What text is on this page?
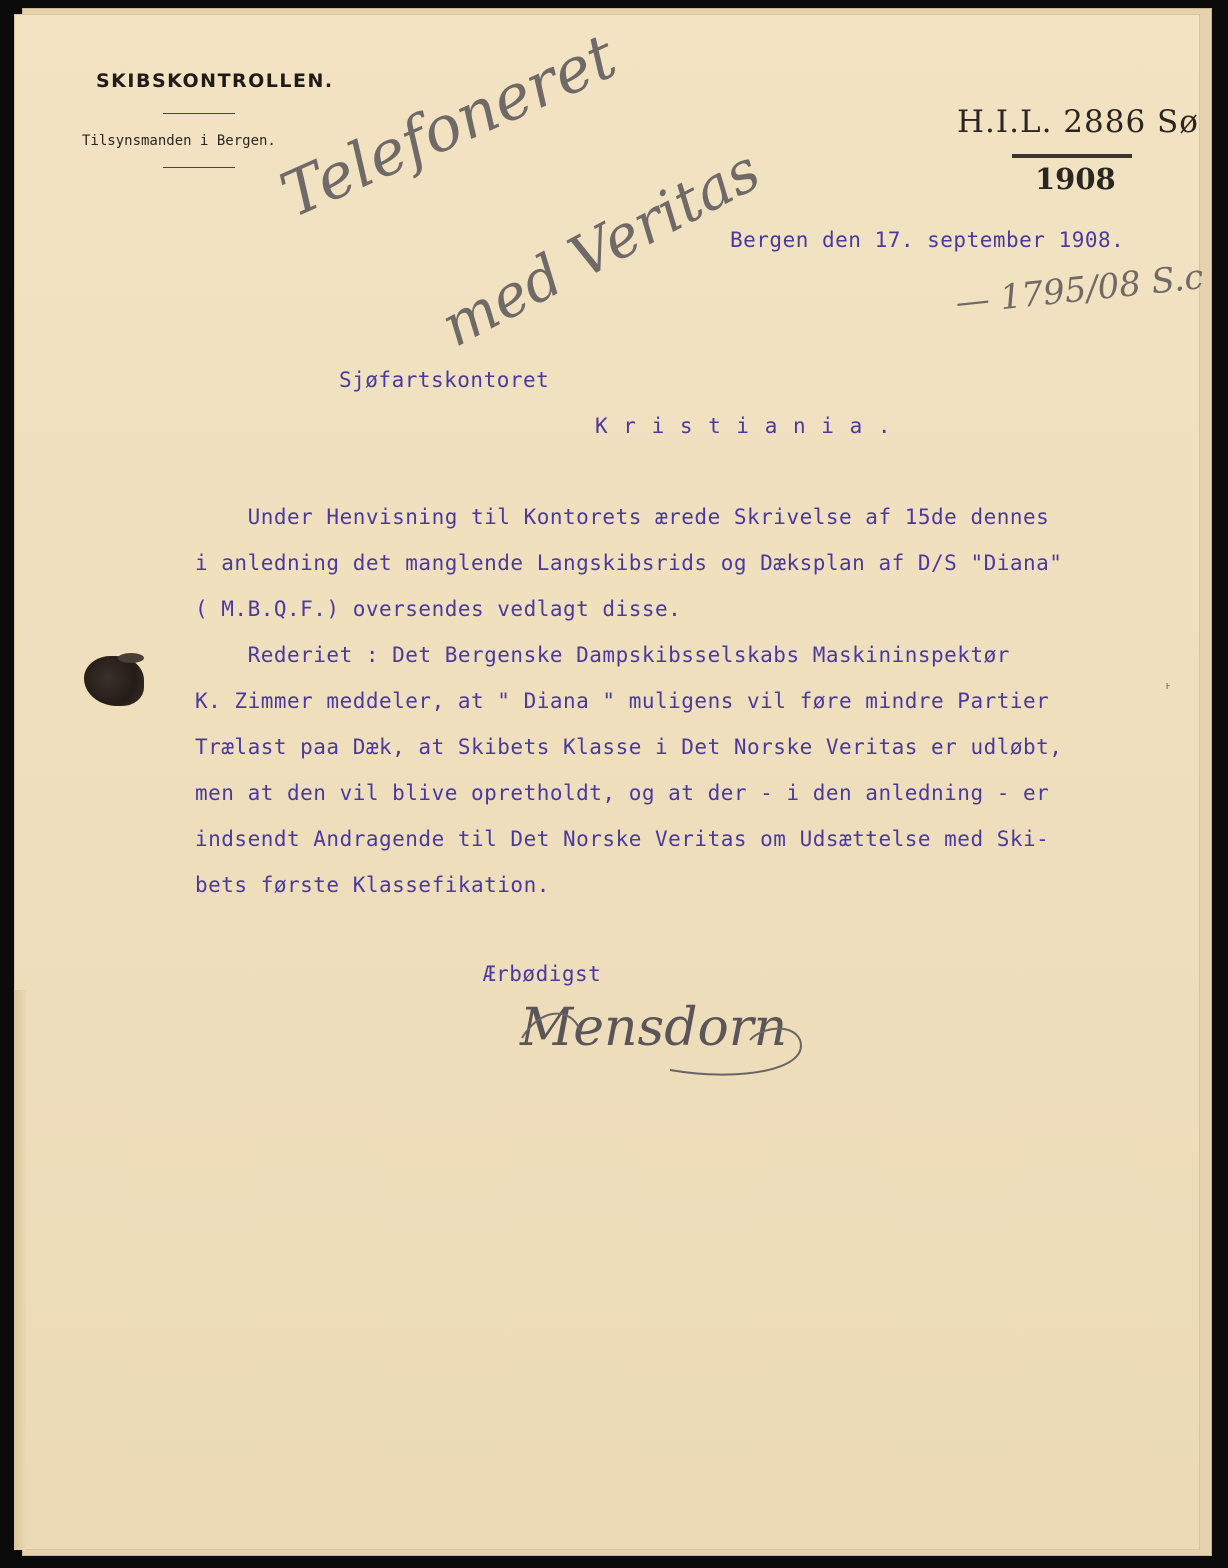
SKIBSKONTROLLEN.
Tilsynsmanden i Bergen.
H.I.L. 2886 Sø
1908
Telefoneret
med Veritas	— 1795/08 S.c
Bergen den 17. september 1908.
Sjøfartskontoret
K r i s t i a n i a .
Under Henvisning til Kontorets ærede Skrivelse af 15de dennes
i anledning det manglende Langskibsrids og Dæksplan af D/S "Diana"
( M.B.Q.F.) oversendes vedlagt disse.
Rederiet : Det Bergenske Dampskibsselskabs Maskininspektør
K. Zimmer meddeler, at " Diana " muligens vil føre mindre Partier
Trælast paa Dæk, at Skibets Klasse i Det Norske Veritas er udløbt,
men at den vil blive opretholdt, og at der - i den anledning - er
indsendt Andragende til Det Norske Veritas om Udsættelse med Ski-
bets første Klassefikation.
Ærbødigst
Mensdorn
˫
